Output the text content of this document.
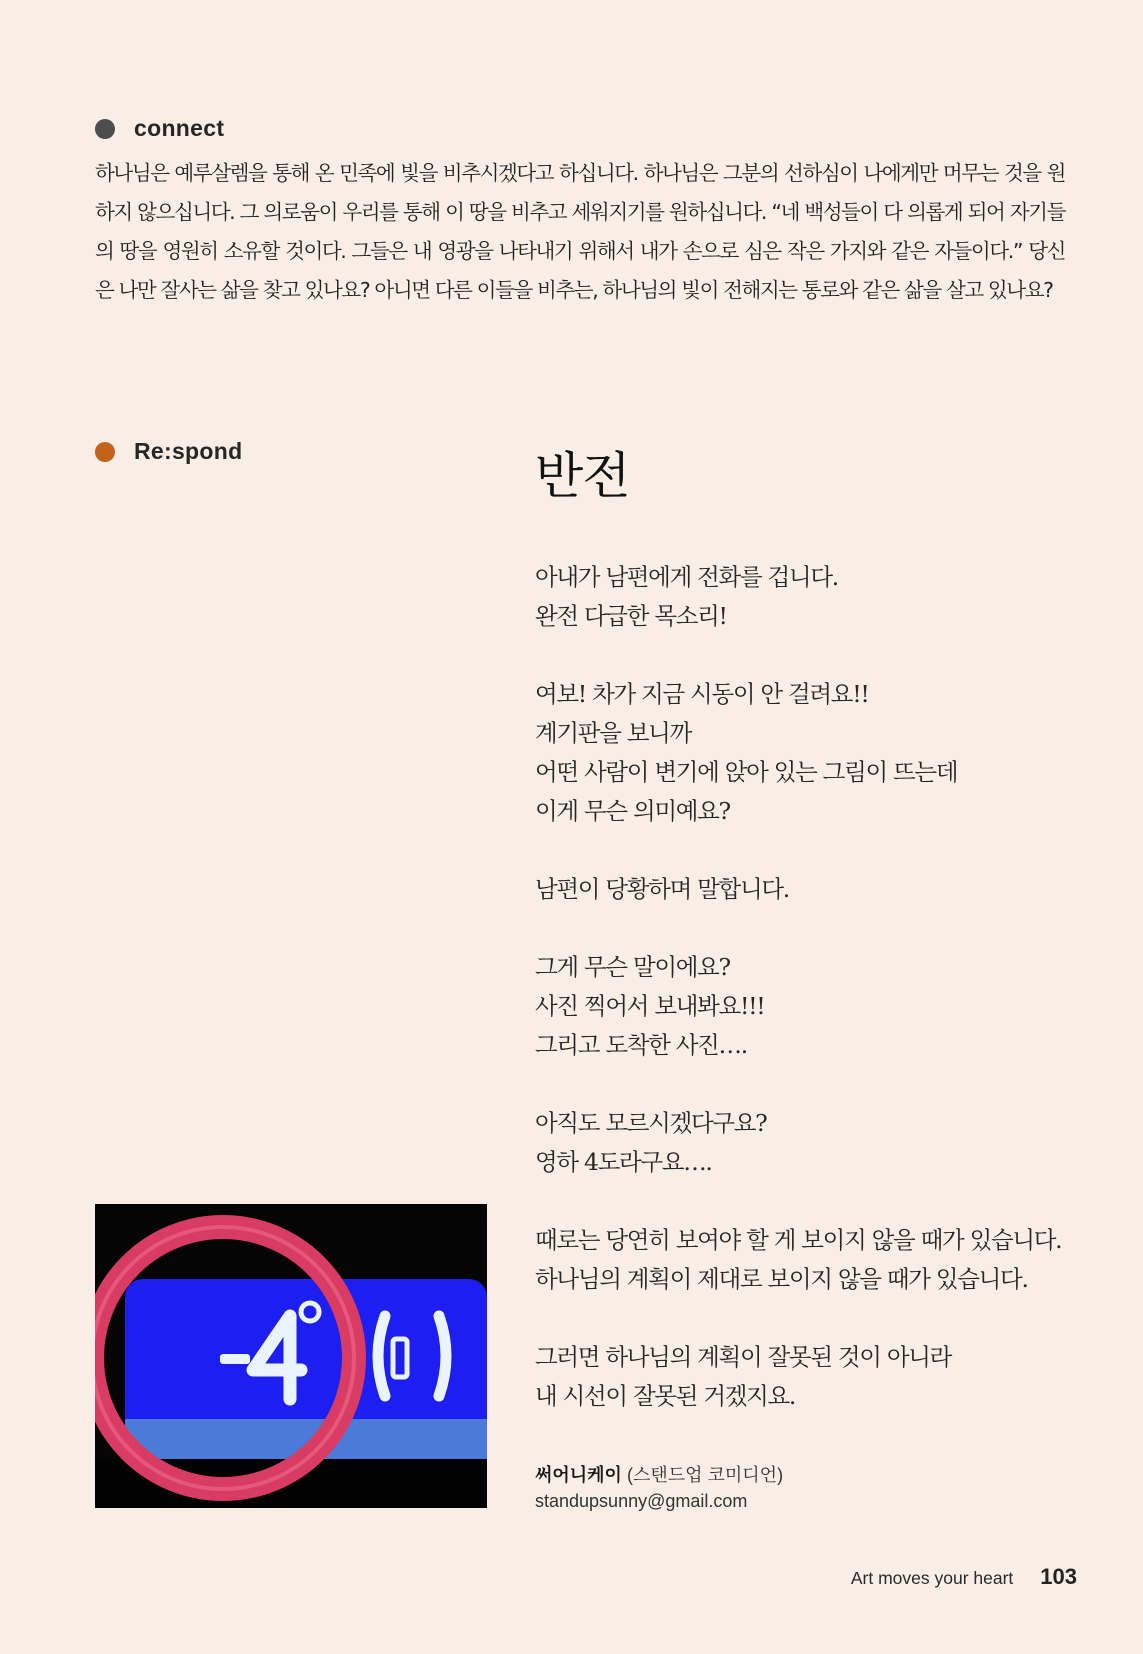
connect

하나님은 예루살렘을 통해 온 민족에 빛을 비추시겠다고 하십니다. 하나님은 그분의 선하심이 나에게만 머무는 것을 원하지 않으십니다. 그 의로움이 우리를 통해 이 땅을 비추고 세워지기를 원하십니다. “네 백성들이 다 의롭게 되어 자기들의 땅을 영원히 소유할 것이다. 그들은 내 영광을 나타내기 위해서 내가 손으로 심은 작은 가지와 같은 자들이다.” 당신은 나만 잘사는 삶을 찾고 있나요? 아니면 다른 이들을 비추는, 하나님의 빛이 전해지는 통로와 같은 삶을 살고 있나요?

Re:spond	반전
아내가 남편에게 전화를 겁니다.
완전 다급한 목소리!
여보! 차가 지금 시동이 안 걸려요!!
계기판을 보니까
어떤 사람이 변기에 앉아 있는 그림이 뜨는데
이게 무슨 의미예요?
남편이 당황하며 말합니다.
그게 무슨 말이에요?
사진 찍어서 보내봐요!!!
그리고 도착한 사진….
아직도 모르시겠다구요?
영하 4도라구요….
때로는 당연히 보여야 할 게 보이지 않을 때가 있습니다.
하나님의 계획이 제대로 보이지 않을 때가 있습니다.
그러면 하나님의 계획이 잘못된 것이 아니라
내 시선이 잘못된 거겠지요.
써어니케이 (스탠드업 코미디언)
standupsunny@gmail.com
Art moves your heart 103
